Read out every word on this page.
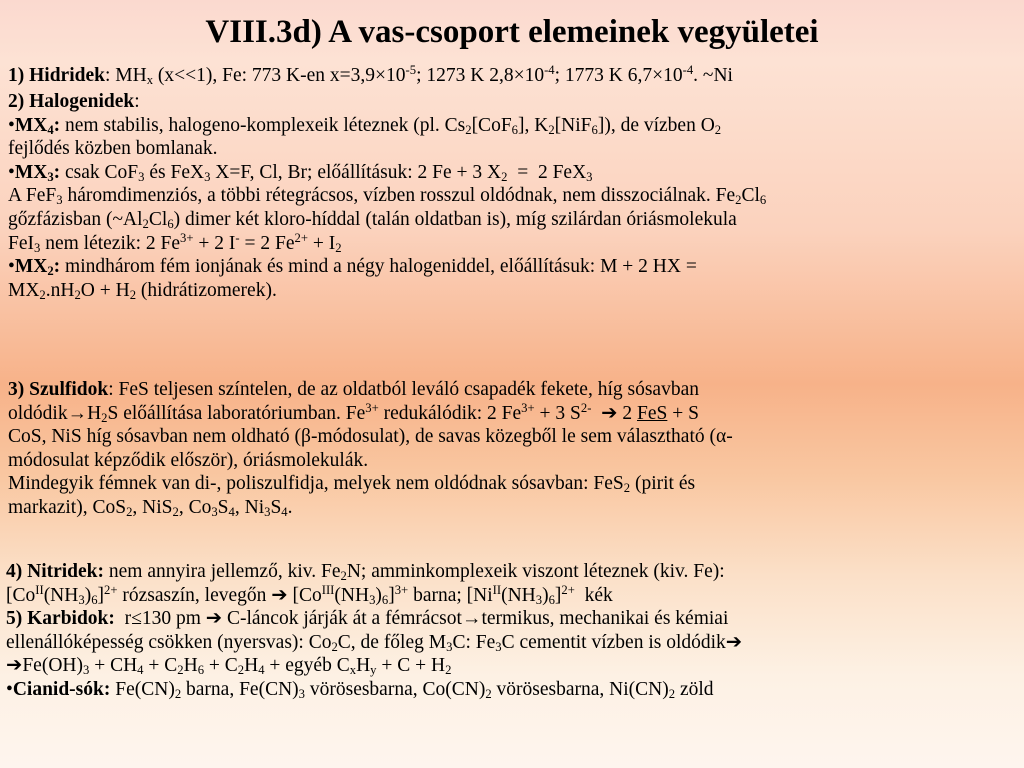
VIII.3d) A vas-csoport elemeinek vegyületei
1) Hidridek: $MH_x$ (x<<1), Fe: 773 K-en $x=3,9\times 10^{-5}$; 1273 K $2,8\times 10^{-4}$; 1773 K $6,7\times 10^{-4}$. ~Ni
2) Halogenidek:
$•MX_4$: nem stabilis, halogeno-komplexeik léteznek (pl. $Cs_2[CoF_6]$, $K_2[NiF_6]$), de vízben $O_2$
fejlődés közben bomlanak.
$•MX_3$: csak CoF$_3$ és FeX$_3$ X=F, Cl, Br; előállításuk: 2 Fe + 3 $X_2 = 2$ FeX$_3$
A FeF$_3$ háromdimenziós, a többi rétegrácsos, vízben rosszul oldódnak, nem disszociálnak. $Fe_2Cl_6$
gőzfázisban $(\sim Al_2Cl_6)$ dimer két kloro-híddal (talán oldatban is), míg szilárdan óriásmolekula
FeI$_3$ nem létezik: 2 $Fe^{3+} + 2$ I- = 2 $Fe^{2+} + I_2$
$•MX_2$: mindhárom fém ionjának és mind a négy halogeniddel, előállításuk: M + 2 HX =
$MX_2.nH_2O + H_2$ (hidrátizomerek).
3) Szulfidok: FeS teljesen színtelen, de az oldatból leváló csapadék fekete, híg sósavban
$oldódik\to H_2S$ előállítása laboratóriumban. $Fe^{3+}$ redukálódik: 2 $Fe^{3+} + 3$ $S^{2-}$  ➔ 2 FeS + S
CoS, NiS híg sósavban nem oldható (β-módosulat), de savas közegből le sem választható (α-
módosulat képződik először), óriásmolekulák.
Mindegyik fémnek van di-, poliszulfidja, melyek nem oldódnak sósavban: FeS$_2$ (pirit és
markazit), CoS$_2$, NiS$_2$, $Co_3S_4$, $Ni_3S_4$.
4) Nitridek: nem annyira jellemző, kiv. $Fe_2N$; amminkomplexeik viszont léteznek (kiv. Fe):
$[Co^{II}(NH_3)_6]^{2+}$ rózsaszín, levegőn ➔ $[Co^{III}(NH_3)_6]^{3+}$ barna; $[Ni^{II}(NH_3)_6]^{2+}$  kék
5) Karbidok:  r≤130 pm ➔ C-láncok járják át a fémrácsot→termikus, mechanikai és kémiai
ellenállóképesség csökken (nyersvas): $Co_2C$, de főleg $M_3C$: $Fe_3C$ cementit vízben is oldódik➔
$➔Fe(OH)_3 + CH_4 + C_2H_6 + C_2H_4$ + egyéb $C_xH_y + C + H_2$
•Cianid-sók: $Fe(CN)_2$ barna, $Fe(CN)_3$ vörösesbarna, $Co(CN)_2$ vörösesbarna, $Ni(CN)_2$ zöld
